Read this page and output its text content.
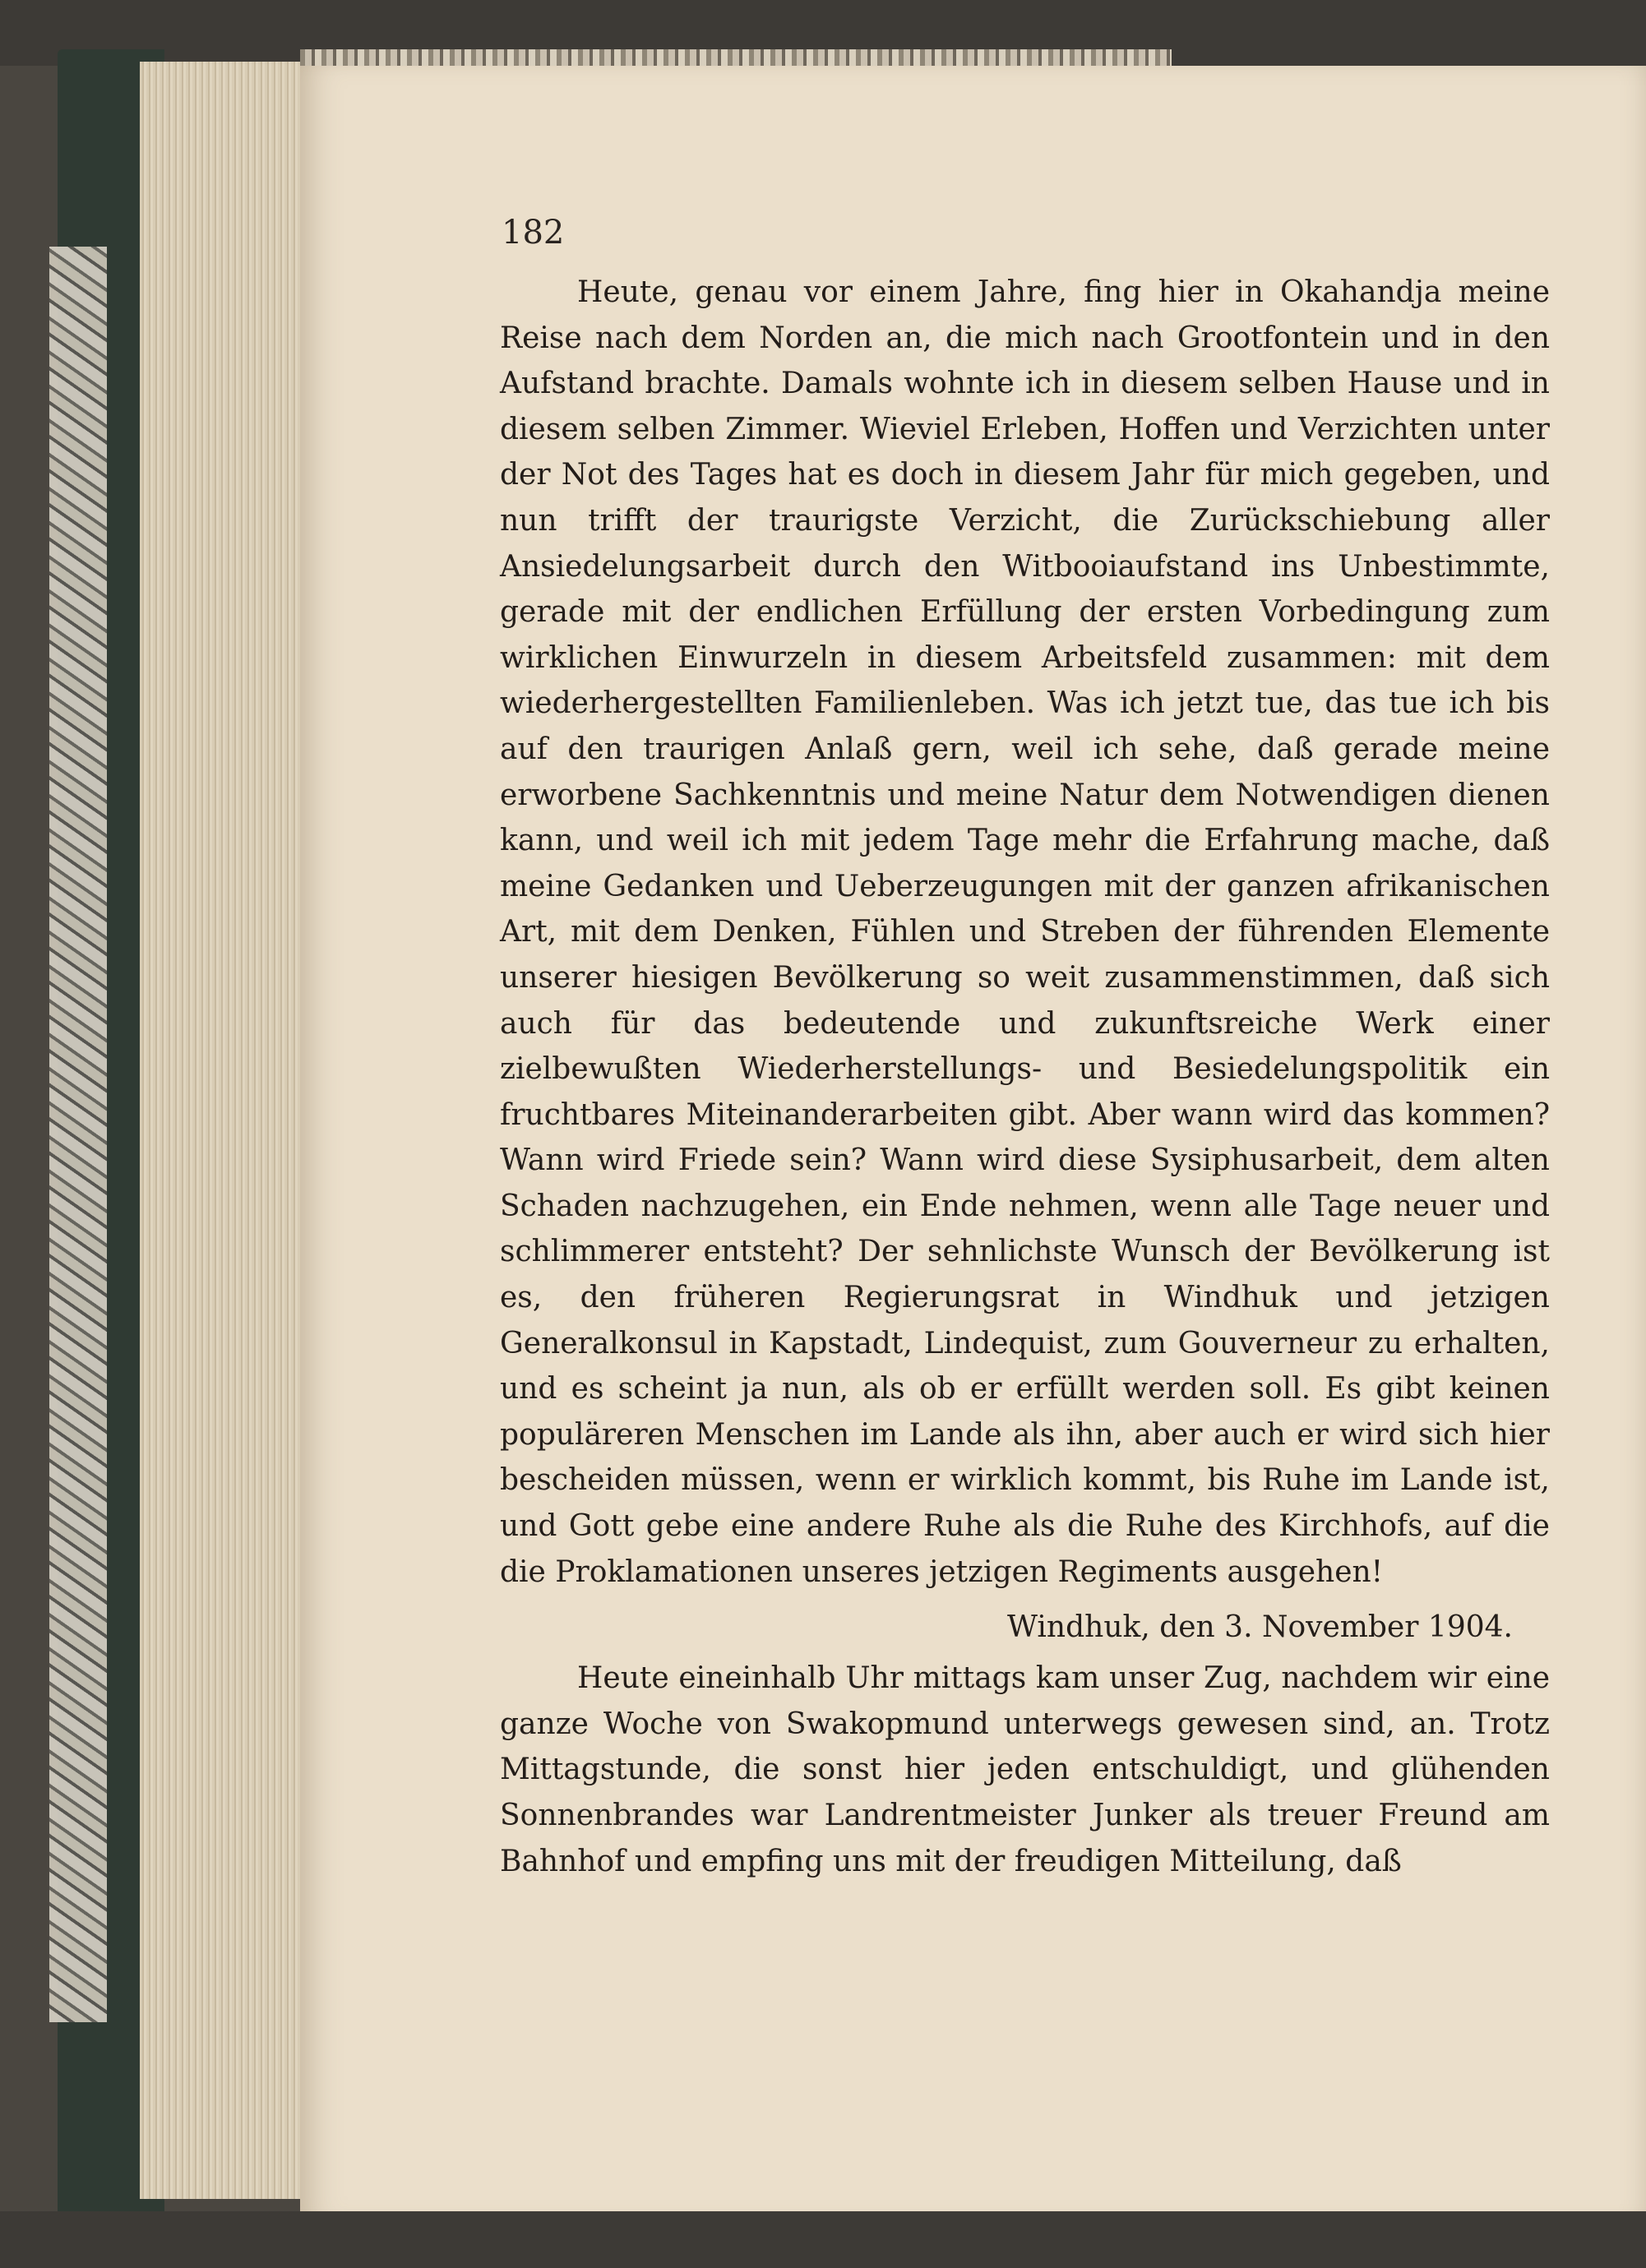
182

Heute, genau vor einem Jahre, fing hier in Okahandja meine Reise nach dem Norden an, die mich nach Grootfontein und in den Aufstand brachte. Damals wohnte ich in diesem selben Hause und in diesem selben Zimmer. Wieviel Erleben, Hoffen und Verzichten unter der Not des Tages hat es doch in diesem Jahr für mich gegeben, und nun trifft der traurigste Verzicht, die Zurückschiebung aller Ansiedelungsarbeit durch den Witbooiaufstand ins Unbestimmte, gerade mit der endlichen Erfüllung der ersten Vorbedingung zum wirklichen Einwurzeln in diesem Arbeitsfeld zusammen: mit dem wiederhergestellten Familienleben. Was ich jetzt tue, das tue ich bis auf den traurigen Anlaß gern, weil ich sehe, daß gerade meine erworbene Sachkenntnis und meine Natur dem Notwendigen dienen kann, und weil ich mit jedem Tage mehr die Erfahrung mache, daß meine Gedanken und Ueberzeugungen mit der ganzen afrikanischen Art, mit dem Denken, Fühlen und Streben der führenden Elemente unserer hiesigen Bevölkerung so weit zusammenstimmen, daß sich auch für das bedeutende und zukunftsreiche Werk einer zielbewußten Wiederherstellungs- und Besiedelungspolitik ein fruchtbares Miteinanderarbeiten gibt. Aber wann wird das kommen? Wann wird Friede sein? Wann wird diese Sysiphusarbeit, dem alten Schaden nachzugehen, ein Ende nehmen, wenn alle Tage neuer und schlimmerer entsteht? Der sehnlichste Wunsch der Bevölkerung ist es, den früheren Regierungsrat in Windhuk und jetzigen Generalkonsul in Kapstadt, Lindequist, zum Gouverneur zu erhalten, und es scheint ja nun, als ob er erfüllt werden soll. Es gibt keinen populäreren Menschen im Lande als ihn, aber auch er wird sich hier bescheiden müssen, wenn er wirklich kommt, bis Ruhe im Lande ist, und Gott gebe eine andere Ruhe als die Ruhe des Kirchhofs, auf die die Proklamationen unseres jetzigen Regiments ausgehen!

Windhuk, den 3. November 1904.

Heute eineinhalb Uhr mittags kam unser Zug, nachdem wir eine ganze Woche von Swakopmund unterwegs gewesen sind, an. Trotz Mittagstunde, die sonst hier jeden entschuldigt, und glühenden Sonnenbrandes war Landrentmeister Junker als treuer Freund am Bahnhof und empfing uns mit der freudigen Mitteilung, daß
